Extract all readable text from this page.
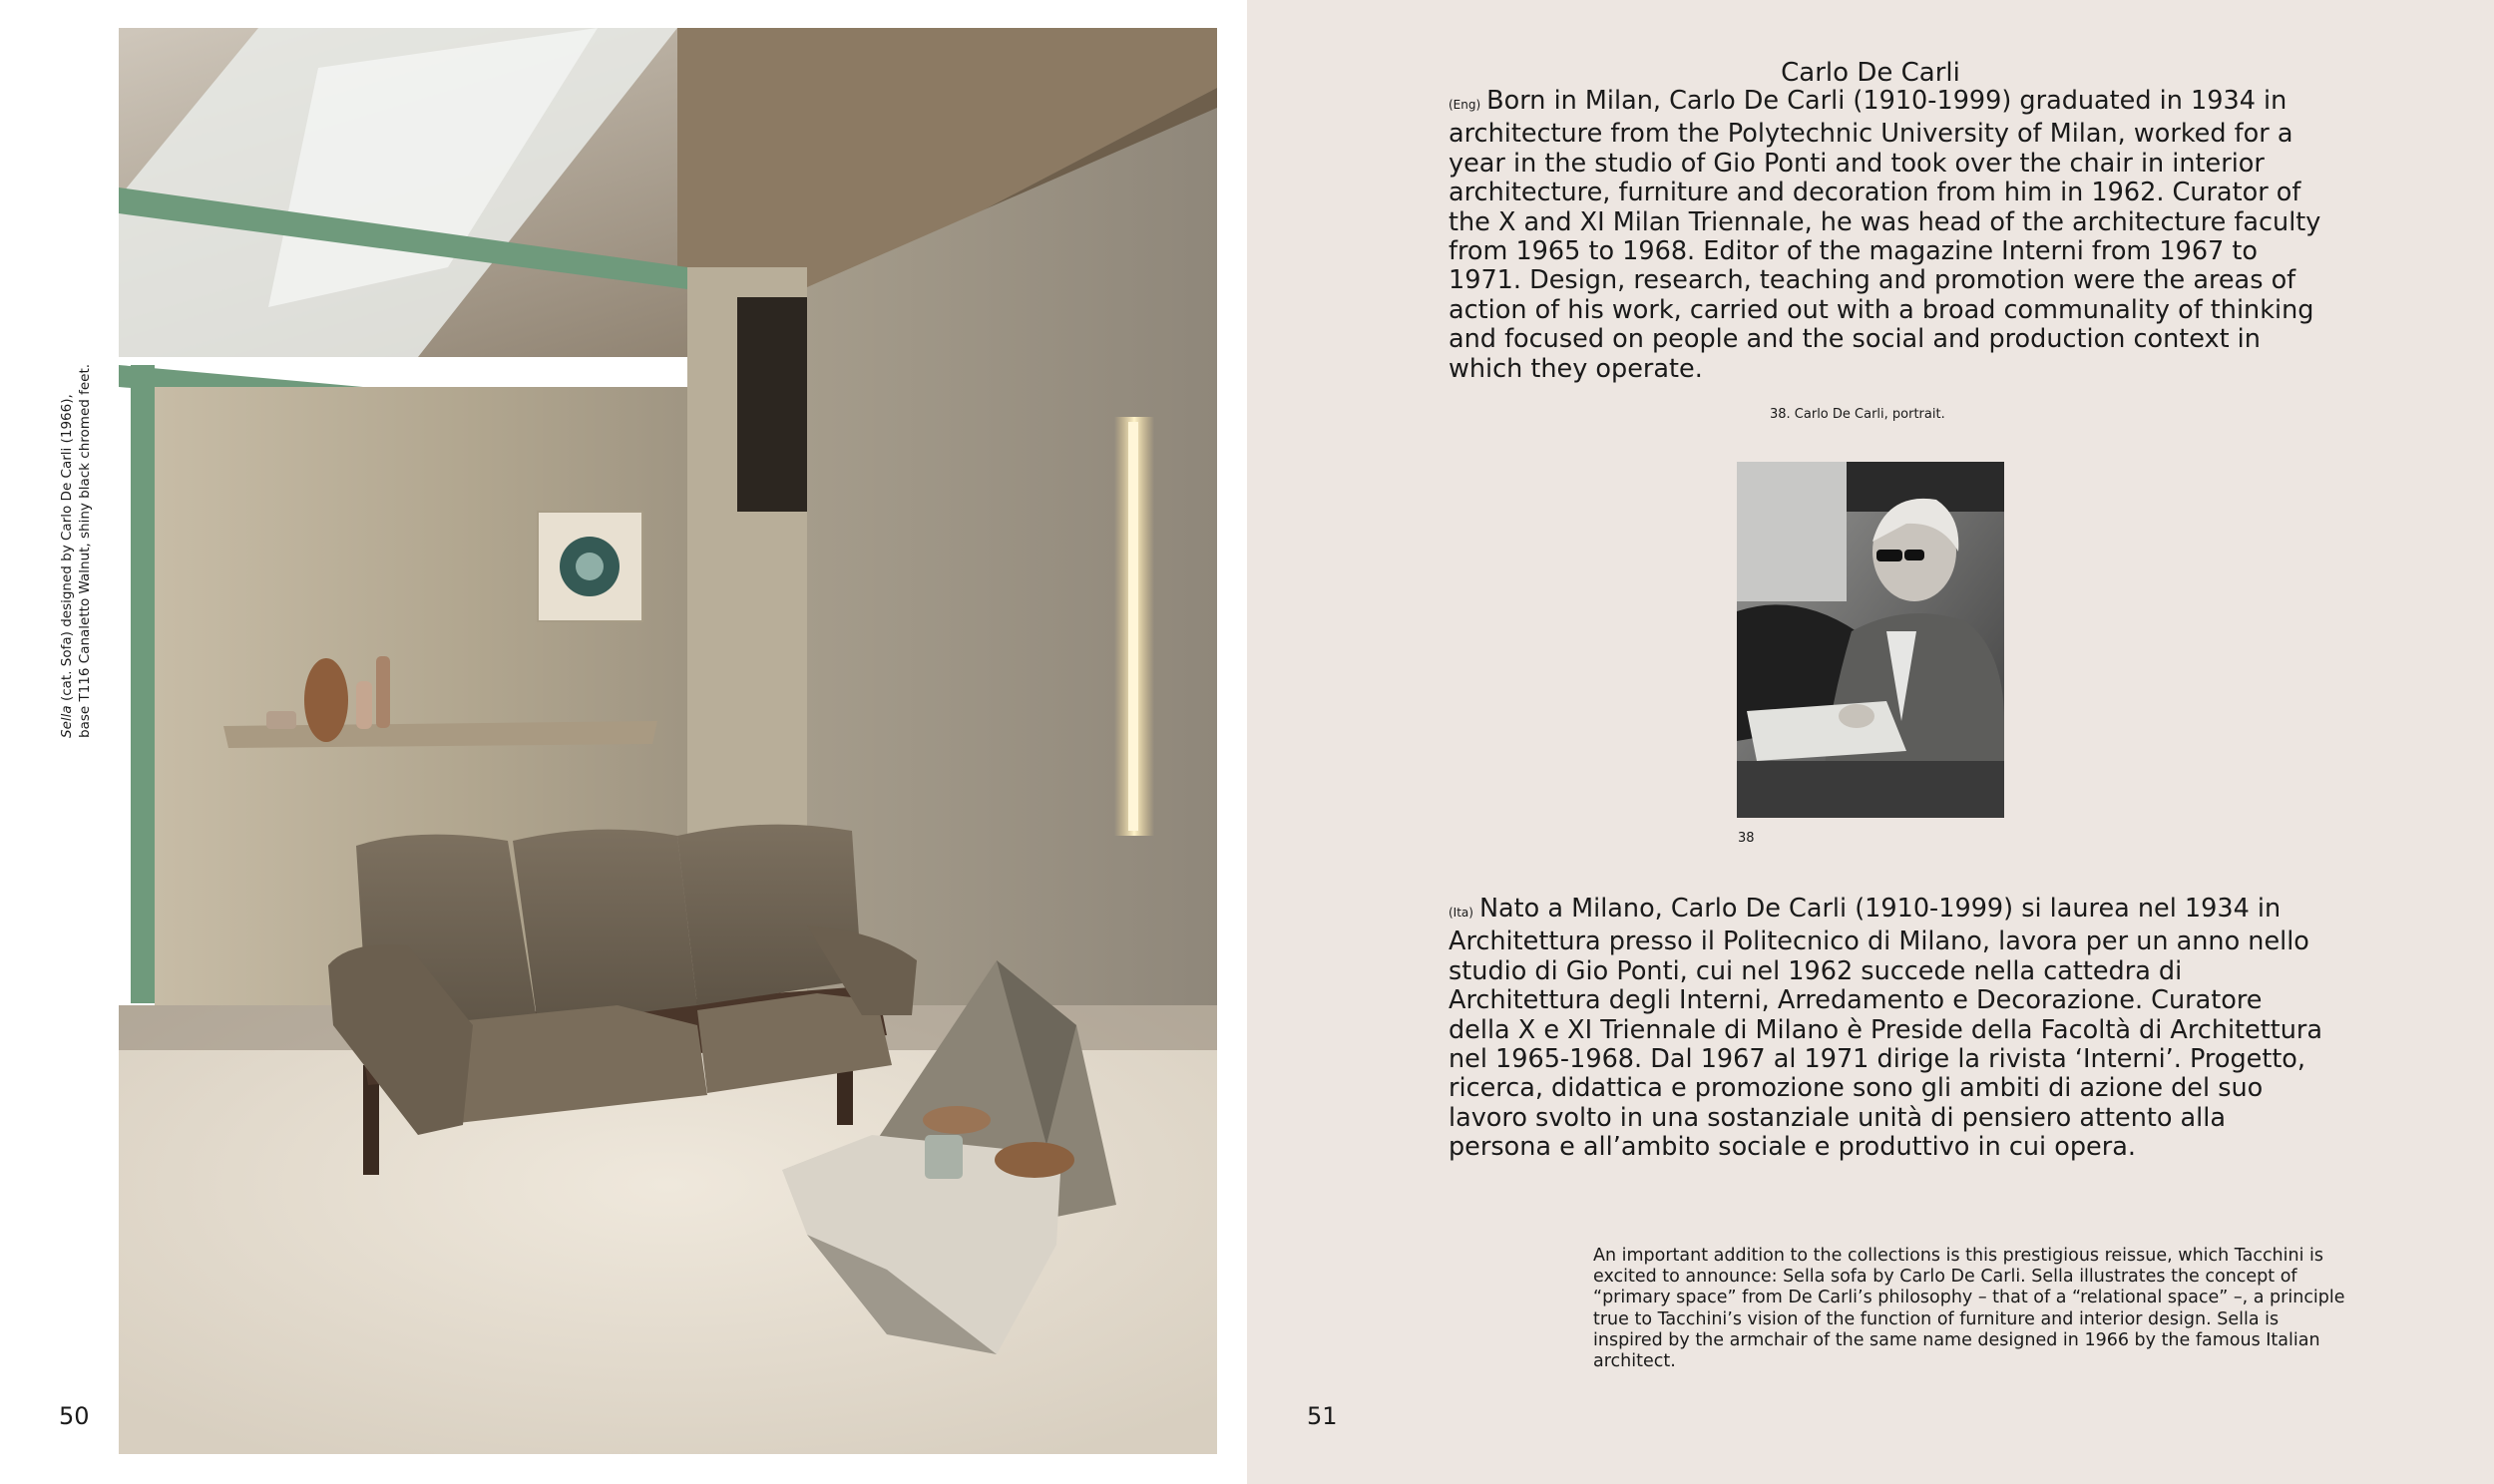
Sella (cat. Sofa) designed by Carlo De Carli (1966), base T116 Canaletto Walnut, shiny black chromed feet.
50
Carlo De Carli
(Eng) Born in Milan, Carlo De Carli (1910-1999) graduated in 1934 in architecture from the Polytechnic University of Milan, worked for a year in the studio of Gio Ponti and took over the chair in interior architecture, furniture and decoration from him in 1962. Curator of the X and XI Milan Triennale, he was head of the architecture faculty from 1965 to 1968. Editor of the magazine Interni from 1967 to 1971. Design, research, teaching and promotion were the areas of action of his work, carried out with a broad communality of thinking and focused on people and the social and production context in which they operate.
38. Carlo De Carli, portrait.
38
(Ita) Nato a Milano, Carlo De Carli (1910-1999) si laurea nel 1934 in Architettura presso il Politecnico di Milano, lavora per un anno nello studio di Gio Ponti, cui nel 1962 succede nella cattedra di Architettura degli Interni, Arredamento e Decorazione. Curatore della X e XI Triennale di Milano è Preside della Facoltà di Architettura nel 1965-1968. Dal 1967 al 1971 dirige la rivista ‘Interni’. Progetto, ricerca, didattica e promozione sono gli ambiti di azione del suo lavoro svolto in una sostanziale unità di pensiero attento alla persona e all’ambito sociale e produttivo in cui opera.
An important addition to the collections is this prestigious reissue, which Tacchini is excited to announce: Sella sofa by Carlo De Carli. Sella illustrates the concept of “primary space” from De Carli’s philosophy – that of a “relational space” –, a principle true to Tacchini’s vision of the function of furniture and interior design. Sella is inspired by the armchair of the same name designed in 1966 by the famous Italian architect.
51
